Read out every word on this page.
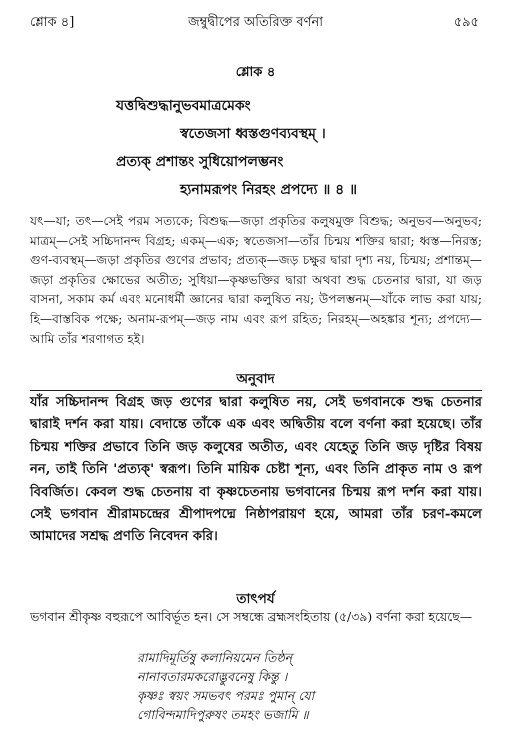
শ্লোক ৪]	জম্বুদ্বীপের অতিরিক্ত বর্ণনা	৫৯৫
শ্লোক ৪
যত্তদ্বিশুদ্ধানুভবমাত্রমেকং
স্বতেজসা ধ্বস্তগুণব্যবস্থম্ ।
প্রত্যক্ প্রশান্তং সুধিয়োপলম্ভনং
হ্যনামরূপং নিরহং প্রপদ্যে ॥ ৪ ॥
যৎ—যা; তৎ—সেই পরম সত্যকে; বিশুদ্ধ—জড়া প্রকৃতির কলুষমুক্ত বিশুদ্ধ; অনুভব—অনুভব; মাত্রম্—সেই সচ্চিদানন্দ বিগ্রহ; একম্—এক; স্বতেজসা—তাঁর চিন্ময় শক্তির দ্বারা; ধ্বস্ত—নিরস্ত; গুণ-ব্যবস্থম্—জড়া প্রকৃতির গুণের প্রভাব; প্রত্যক্—জড় চক্ষুর দ্বারা দৃশ্য নয়, চিন্ময়; প্রশান্তম্—জড়া প্রকৃতির ক্ষোভের অতীত; সুধিয়া—কৃষ্ণভক্তির দ্বারা অথবা শুদ্ধ চেতনার দ্বারা, যা জড় বাসনা, সকাম কর্ম এবং মনোধর্মী জ্ঞানের দ্বারা কলুষিত নয়; উপলম্ভনম্—যাঁকে লাভ করা যায়; হি—বাস্তবিক পক্ষে; অনাম-রূপম্—জড় নাম এবং রূপ রহিত; নিরহম্—অহঙ্কার শূন্য; প্রপদ্যে—আমি তাঁর শরণাগত হই।
অনুবাদ
যাঁর সচ্চিদানন্দ বিগ্রহ জড় গুণের দ্বারা কলুষিত নয়, সেই ভগবানকে শুদ্ধ চেতনার দ্বারাই দর্শন করা যায়। বেদান্তে তাঁকে এক এবং অদ্বিতীয় বলে বর্ণনা করা হয়েছে। তাঁর চিন্ময় শক্তির প্রভাবে তিনি জড় কলুষের অতীত, এবং যেহেতু তিনি জড় দৃষ্টির বিষয় নন, তাই তিনি 'প্রত্যক্' স্বরূপ। তিনি মায়িক চেষ্টা শূন্য, এবং তিনি প্রাকৃত নাম ও রূপ বিবর্জিত। কেবল শুদ্ধ চেতনায় বা কৃষ্ণচেতনায় ভগবানের চিন্ময় রূপ দর্শন করা যায়। সেই ভগবান শ্রীরামচন্দ্রের শ্রীপাদপদ্মে নিষ্ঠাপরায়ণ হয়ে, আমরা তাঁর চরণ-কমলে আমাদের সশ্রদ্ধ প্রণতি নিবেদন করি।
তাৎপর্য
ভগবান শ্রীকৃষ্ণ বহুরূপে আবির্ভূত হন। সে সম্বন্ধে ব্রহ্মসংহিতায় (৫/৩৯) বর্ণনা করা হয়েছে—
রামাদিমূর্তিষু কলানিয়মেন তিষ্ঠন্
নানাবতারমকরোদ্ভুবনেষু কিন্তু ।
কৃষ্ণঃ স্বয়ং সমভবৎ পরমঃ পুমান্ যো
গোবিন্দমাদিপুরুষং তমহং ভজামি ॥
